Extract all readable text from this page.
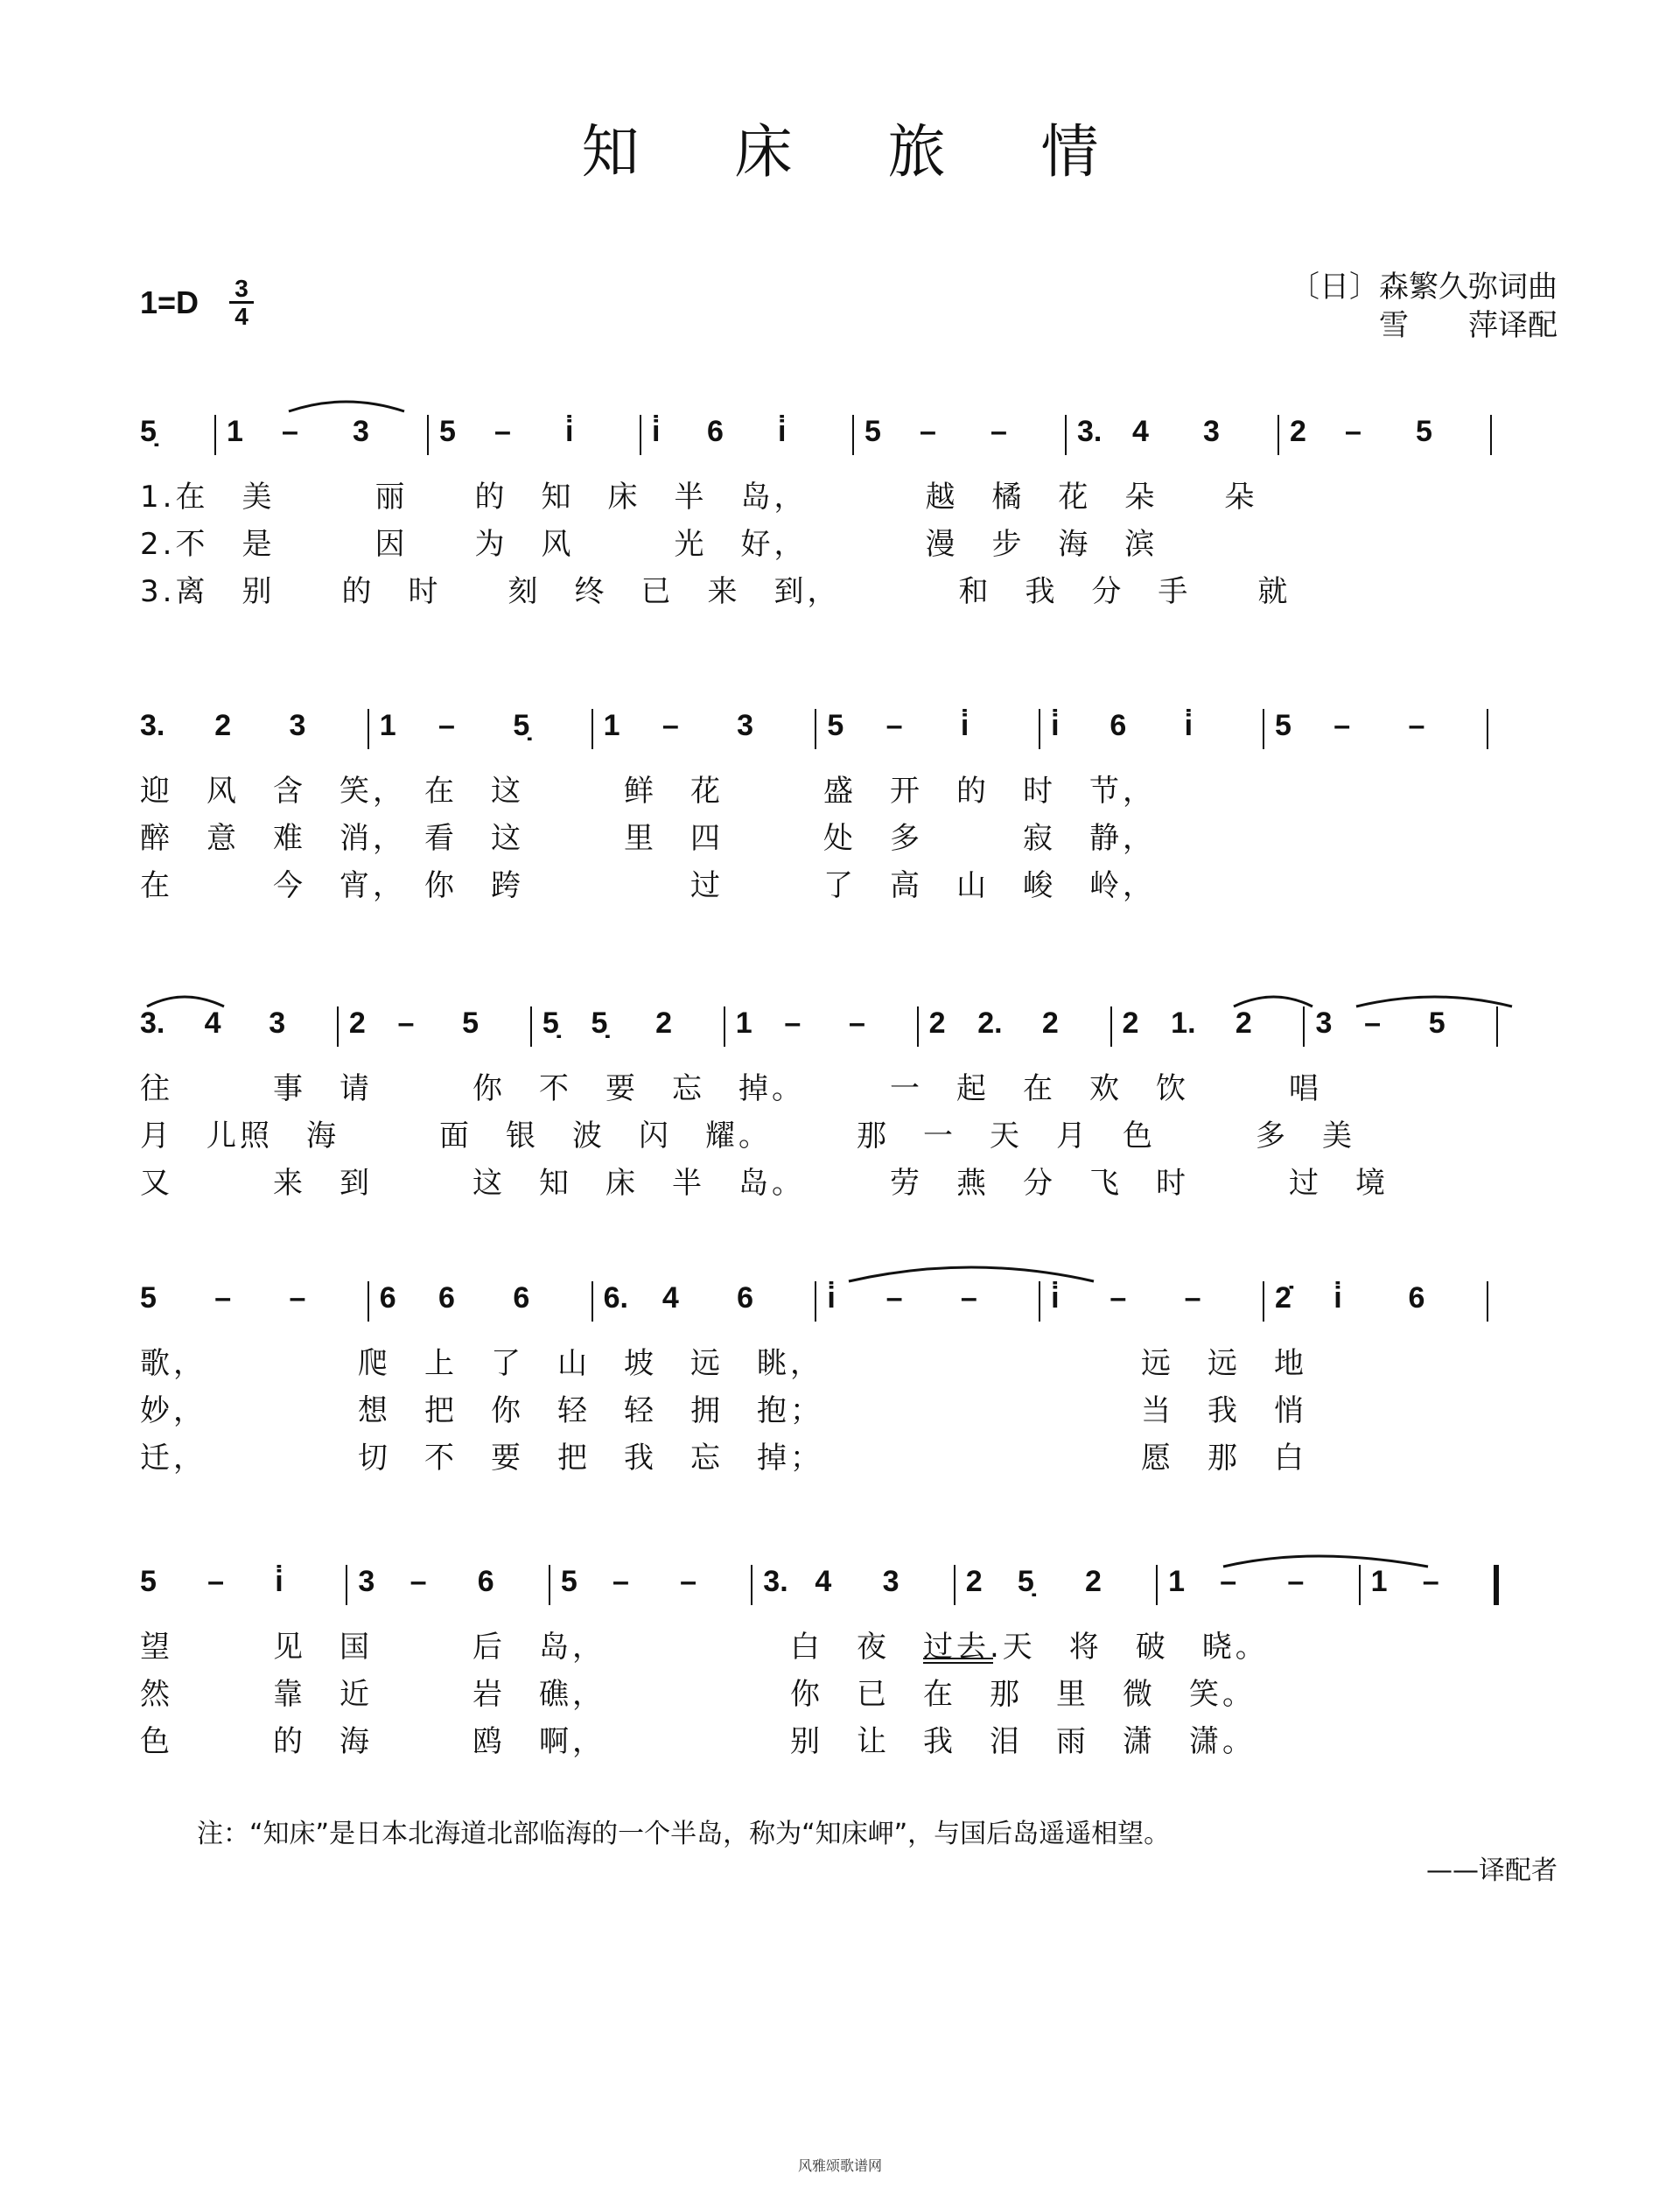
知 床 旅 情
$1=D \frac{3}{4}$	〔日〕森繁久弥词曲
雪　　萍译配
5̣ 1 – 3 5 – i̇	i̇ 6 i̇	5 – – 3. 4 3 2 – 5
1.在　美　　　丽　　的　知　床　半　岛，　　　　越　橘　花　朵　　朵
2.不　是　　　因　　为　风　　　光　好，　　　　漫　步　海　滨
3.离　别　　的　时　　刻　终　已　来　到，　　　　和　我　分　手　　就
3. 2 3 1 – 5̣ 1 – 3 5 – i̇	i̇ 6 i̇	5 – –
迎　风　含　笑，　在　这　　　鲜　花　　　盛　开　的　时　节，
醉　意　难　消，　看　这　　　里　四　　　处　多　　　寂　静，
在　　　今　宵，　你　跨　　　　　过　　　了　高　山　峻　岭，
3. 4 3 2 – 5 5̣ 5̣ 2 1 – – 2 2. 2 2 1. 2 3 – 5
往　　　事　请　　　你　不　要　忘　掉。　　　一　起　在　欢　饮　　　唱
月　儿照　海　　　面　银　波　闪　耀。　　　那　一　天　月　色　　　多　美
又　　　来　到　　　这　知　床　半　岛。　　　劳　燕　分　飞　时　　　过　境
5 – – 6 6 6 6. 4 6 i̇ – – i̇ – – 2̇ i̇ 6
歌，　　　　　爬　上　了　山　坡　远　眺，　　　　　　　　　　远　远　地
妙，　　　　　想　把　你　轻　轻　拥　抱；　　　　　　　　　　当　我　悄
迁，　　　　　切　不　要　把　我　忘　掉；　　　　　　　　　　愿　那　白
5 – i̇	3 – 6 5 – – 3. 4 3 2 5̣ 2 1 – – 1 –
望　　　见　国　　　后　岛，　　　　　　白　夜　过去.天　将　破　晓。
然　　　靠　近　　　岩　礁，　　　　　　你　已　在　那　里　微　笑。
色　　　的　海　　　鸥　啊，　　　　　　别　让　我　泪　雨　潇　潇。
注：“知床”是日本北海道北部临海的一个半岛，称为“知床岬”，与国后岛遥遥相望。
——译配者
风雅颂歌谱网
